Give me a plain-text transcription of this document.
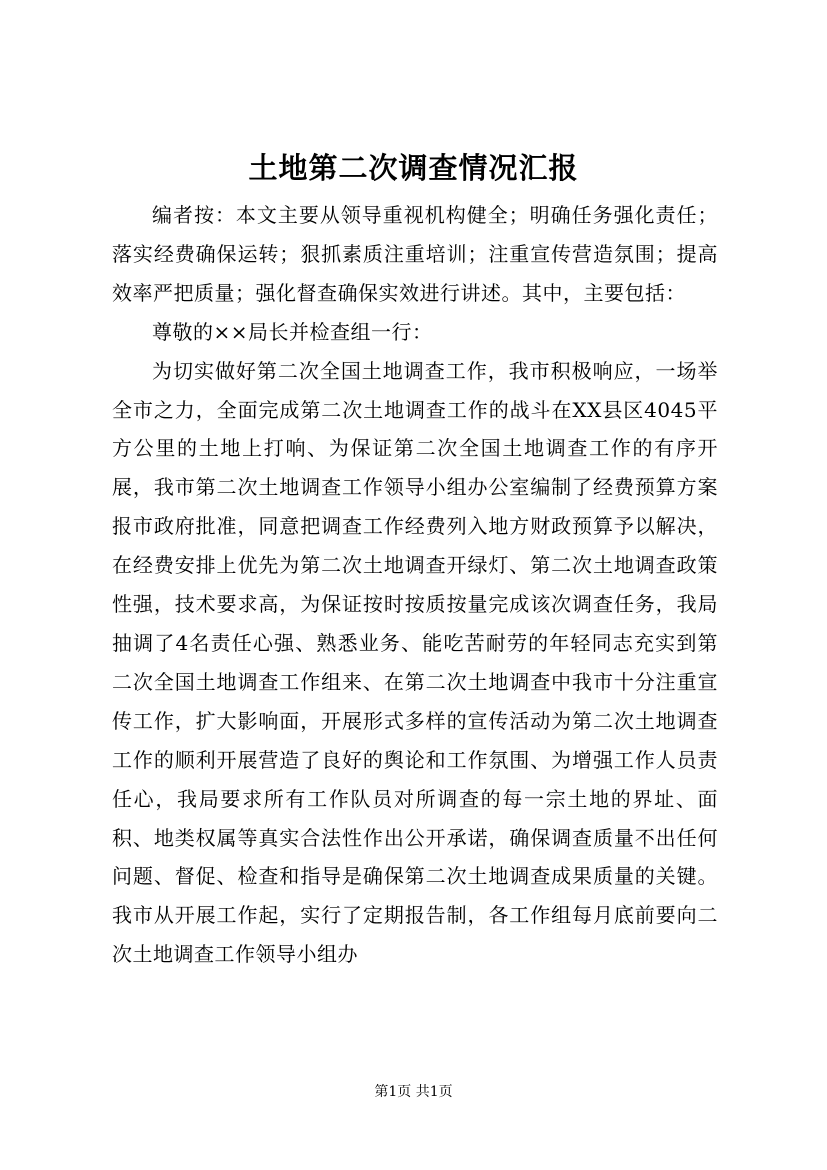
土地第二次调查情况汇报

编者按：本文主要从领导重视机构健全；明确任务强化责任；落实经费确保运转；狠抓素质注重培训；注重宣传营造氛围；提高效率严把质量；强化督查确保实效进行讲述。其中，主要包括：

尊敬的××局长并检查组一行：

为切实做好第二次全国土地调查工作，我市积极响应，一场举全市之力，全面完成第二次土地调查工作的战斗在XX县区4045平方公里的土地上打响、为保证第二次全国土地调查工作的有序开展，我市第二次土地调查工作领导小组办公室编制了经费预算方案报市政府批准，同意把调查工作经费列入地方财政预算予以解决，在经费安排上优先为第二次土地调查开绿灯、第二次土地调查政策性强，技术要求高，为保证按时按质按量完成该次调查任务，我局抽调了4名责任心强、熟悉业务、能吃苦耐劳的年轻同志充实到第二次全国土地调查工作组来、在第二次土地调查中我市十分注重宣传工作，扩大影响面，开展形式多样的宣传活动为第二次土地调查工作的顺利开展营造了良好的舆论和工作氛围、为增强工作人员责任心，我局要求所有工作队员对所调查的每一宗土地的界址、面积、地类权属等真实合法性作出公开承诺，确保调查质量不出任何问题、督促、检查和指导是确保第二次土地调查成果质量的关键。我市从开展工作起，实行了定期报告制，各工作组每月底前要向二次土地调查工作领导小组办

第1页 共1页
